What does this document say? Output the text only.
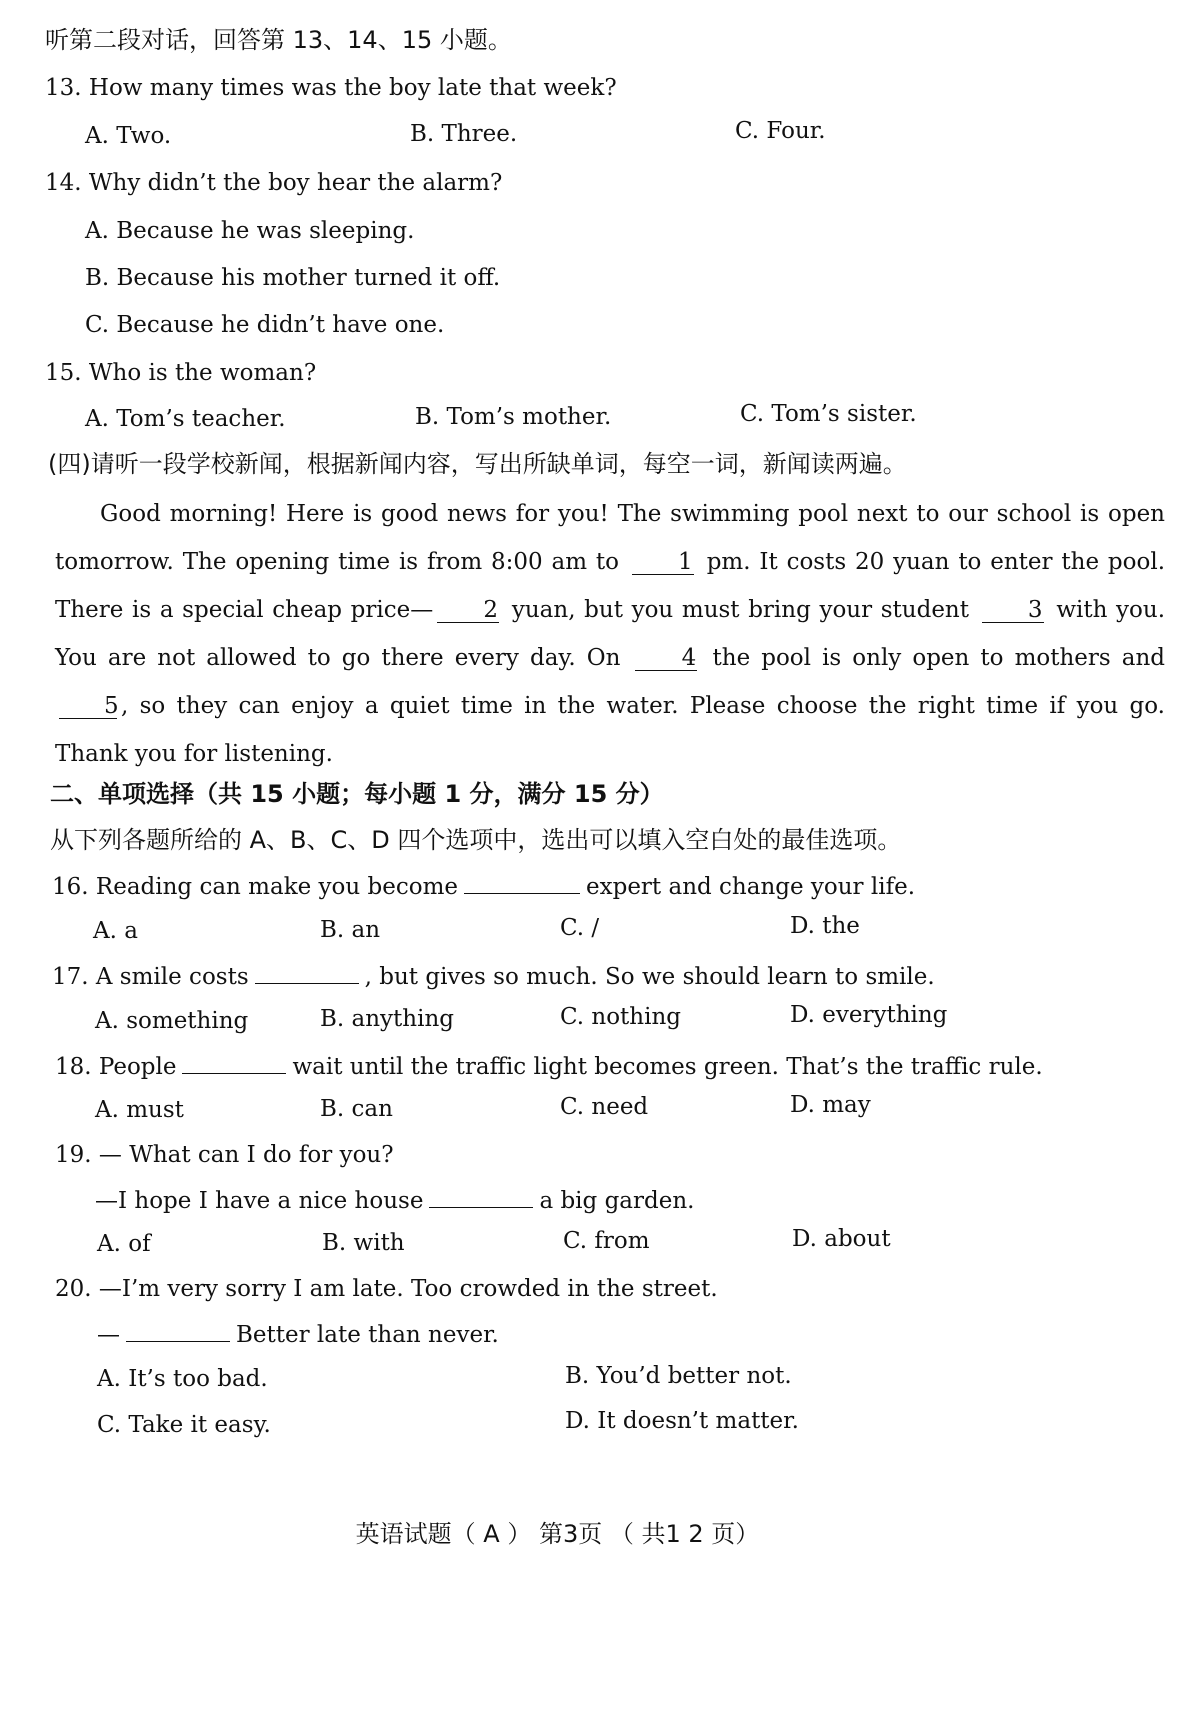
听第二段对话，回答第 13、14、15 小题。
13. How many times was the boy late that week?
A. Two.	B. Three.	C. Four.
14. Why didn’t the boy hear the alarm?
A. Because he was sleeping.
B. Because his mother turned it off.
C. Because he didn’t have one.
15. Who is the woman?
A. Tom’s teacher.	B. Tom’s mother.	C. Tom’s sister.
(四)请听一段学校新闻，根据新闻内容，写出所缺单词，每空一词，新闻读两遍。
Good morning! Here is good news for you! The swimming pool next to our school is open tomorrow. The opening time is from 8:00 am to	1 pm. It costs 20 yuan to enter the pool. There is a special cheap price— 2 yuan, but you must bring your student	3 with you. You are not allowed to go there every day. On	4 the pool is only open to mothers and 5 , so they can enjoy a quiet time in the water. Please choose the right time if you go. Thank you for listening.
二、单项选择（共 15 小题；每小题 1 分，满分 15 分）
从下列各题所给的 A、B、C、D 四个选项中，选出可以填入空白处的最佳选项。
16. Reading can make you become	expert and change your life.
A. a	B. an	C. /	D. the
17. A smile costs	, but gives so much. So we should learn to smile.
A. something	B. anything	C. nothing	D. everything
18. People	wait until the traffic light becomes green. That’s the traffic rule.
A. must	B. can	C. need	D. may
19. — What can I do for you?
—I hope I have a nice house	a big garden.
A. of	B. with	C. from	D. about
20. —I’m very sorry I am late. Too crowded in the street.
—	Better late than never.
A. It’s too bad.	B. You’d better not.
C. Take it easy.	D. It doesn’t matter.
英语试题（ A ） 第3页 （ 共1 2 页）
